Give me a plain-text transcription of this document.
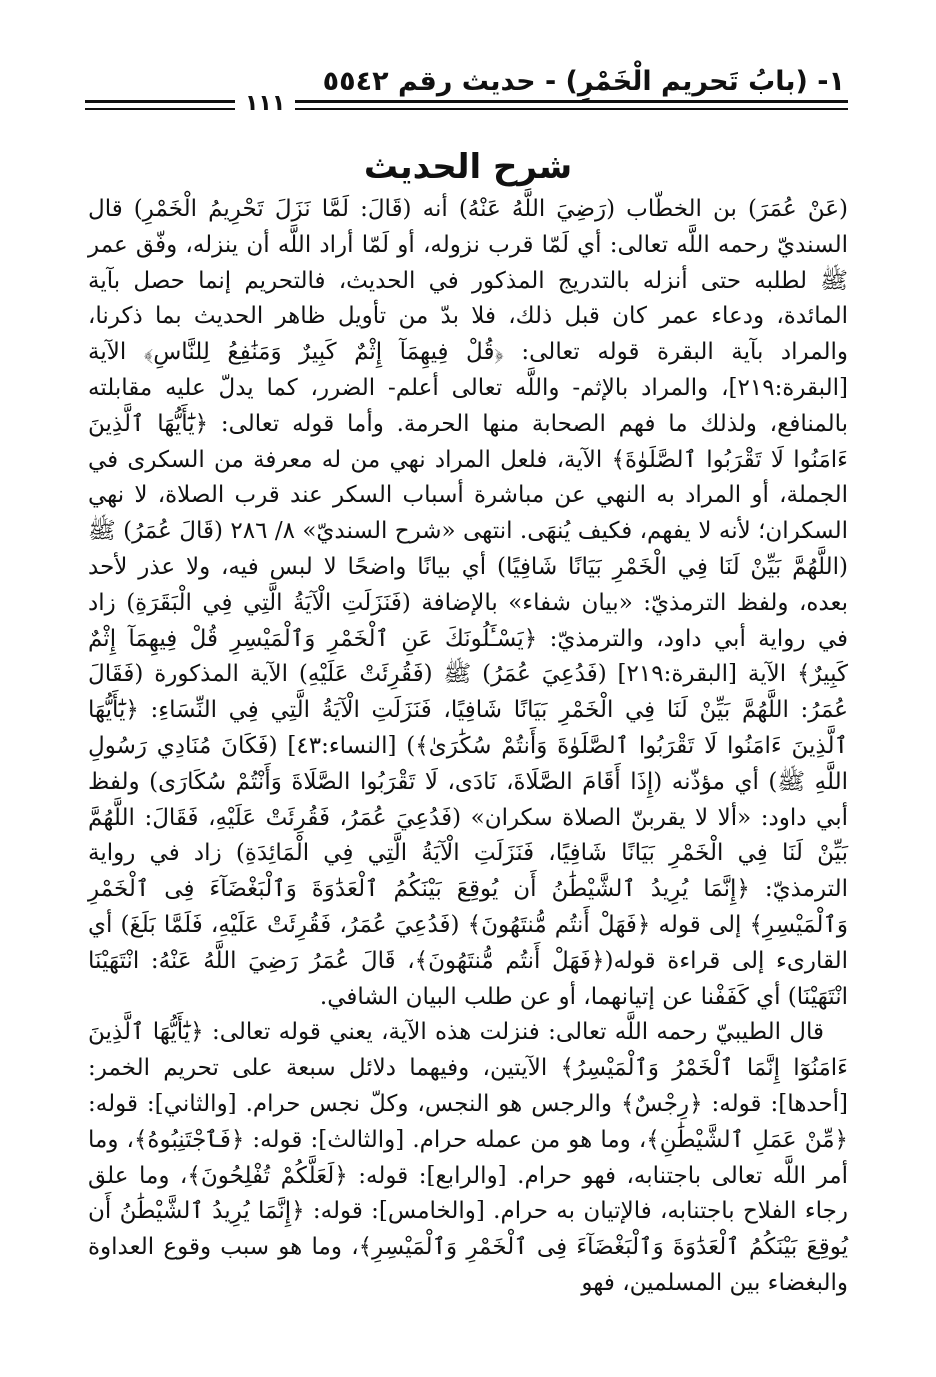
١- (بابُ تَحريم الْخَمْرِ) - حديث رقم ٥٥٤٢
١١١
شرح الحديث

(عَنْ عُمَرَ) بن الخطّاب (رَضِيَ اللَّهُ عَنْهُ) أنه (قَالَ: لَمَّا نَزَلَ تَحْرِيمُ الْخَمْرِ) قال السنديّ رحمه اللَّه تعالى: أي لَمّا قرب نزوله، أو لَمّا أراد اللَّه أن ينزله، وفّق عمر ﷺ لطلبه حتى أنزله بالتدريج المذكور في الحديث، فالتحريم إنما حصل بآية المائدة، ودعاء عمر كان قبل ذلك، فلا بدّ من تأويل ظاهر الحديث بما ذكرنا، والمراد بآية البقرة قوله تعالى: ﴿قُلْ فِيهِمَآ إِثْمٌ كَبِيرٌ وَمَنَٰفِعُ لِلنَّاسِ﴾ الآية [البقرة:٢١٩]، والمراد بالإثم- واللَّه تعالى أعلم- الضرر، كما يدلّ عليه مقابلته بالمنافع، ولذلك ما فهم الصحابة منها الحرمة. وأما قوله تعالى: ﴿يَٰٓأَيُّهَا ٱلَّذِينَ ءَامَنُوا لَا تَقْرَبُوا ٱلصَّلَوٰةَ﴾ الآية، فلعل المراد نهي من له معرفة من السكرى في الجملة، أو المراد به النهي عن مباشرة أسباب السكر عند قرب الصلاة، لا نهي السكران؛ لأنه لا يفهم، فكيف يُنهَى. انتهى «شرح السنديّ» ٨/ ٢٨٦ (قَالَ عُمَرُ) ﷺ (اللَّهُمَّ بَيِّنْ لَنَا فِي الْخَمْرِ بَيَانًا شَافِيًا) أي بيانًا واضحًا لا لبس فيه، ولا عذر لأحد بعده، ولفظ الترمذيّ: «بيان شفاء» بالإضافة (فَنَزَلَتِ الْآيَةُ الَّتِي فِي الْبَقَرَةِ) زاد في رواية أبي داود، والترمذيّ: ﴿يَسْـَٔلُونَكَ عَنِ ٱلْخَمْرِ وَٱلْمَيْسِرِ قُلْ فِيهِمَآ إِثْمٌ كَبِيرٌ﴾ الآية [البقرة:٢١٩] (فَدُعِيَ عُمَرُ) ﷺ (فَقُرِئَتْ عَلَيْهِ) الآية المذكورة (فَقَالَ عُمَرُ: اللَّهُمَّ بَيِّنْ لَنَا فِي الْخَمْرِ بَيَانًا شَافِيًا، فَنَزَلَتِ الْآيَةُ الَّتِي فِي النِّسَاءِ: ﴿يَٰٓأَيُّهَا ٱلَّذِينَ ءَامَنُوا لَا تَقْرَبُوا ٱلصَّلَوٰةَ وَأَنتُمْ سُكَٰرَىٰ﴾) [النساء:٤٣] (فَكَانَ مُنَادِي رَسُولِ اللَّهِ ﷺ) أي مؤذّنه (إِذَا أَقَامَ الصَّلَاةَ، نَادَى، لَا تَقْرَبُوا الصَّلَاةَ وَأَنْتُمْ سُكَارَى) ولفظ أبي داود: «ألا لا يقربنّ الصلاة سكران» (فَدُعِيَ عُمَرُ، فَقُرِئَتْ عَلَيْهِ، فَقَالَ: اللَّهُمَّ بَيِّنْ لَنَا فِي الْخَمْرِ بَيَانًا شَافِيًا، فَنَزَلَتِ الْآيَةُ الَّتِي فِي الْمَائِدَةِ) زاد في رواية الترمذيّ: ﴿إِنَّمَا يُرِيدُ ٱلشَّيْطَٰنُ أَن يُوقِعَ بَيْنَكُمُ ٱلْعَدَٰوَةَ وَٱلْبَغْضَآءَ فِى ٱلْخَمْرِ وَٱلْمَيْسِرِ﴾ إلى قوله ﴿فَهَلْ أَنتُم مُّنتَهُونَ﴾ (فَدُعِيَ عُمَرُ، فَقُرِئَتْ عَلَيْهِ، فَلَمَّا بَلَغَ) أي القارىء إلى قراءة قوله(﴿فَهَلْ أَنتُم مُّنتَهُونَ﴾، قَالَ عُمَرُ رَضِيَ اللَّهُ عَنْهُ: انْتَهَيْنَا انْتَهَيْنَا) أي كَفَفْنا عن إتيانهما، أو عن طلب البيان الشافي.

قال الطيبيّ رحمه اللَّه تعالى: فنزلت هذه الآية، يعني قوله تعالى: ﴿يَٰٓأَيُّهَا ٱلَّذِينَ ءَامَنُوٓا إِنَّمَا ٱلْخَمْرُ وَٱلْمَيْسِرُ﴾ الآيتين، وفيهما دلائل سبعة على تحريم الخمر: [أحدها]: قوله: ﴿رِجْسٌ﴾ والرجس هو النجس، وكلّ نجس حرام. [والثاني]: قوله: ﴿مِّنْ عَمَلِ ٱلشَّيْطَٰنِ﴾، وما هو من عمله حرام. [والثالث]: قوله: ﴿فَٱجْتَنِبُوهُ﴾، وما أمر اللَّه تعالى باجتنابه، فهو حرام. [والرابع]: قوله: ﴿لَعَلَّكُمْ تُفْلِحُونَ﴾، وما علق رجاء الفلاح باجتنابه، فالإتيان به حرام. [والخامس]: قوله: ﴿إِنَّمَا يُرِيدُ ٱلشَّيْطَٰنُ أَن يُوقِعَ بَيْنَكُمُ ٱلْعَدَٰوَةَ وَٱلْبَغْضَآءَ فِى ٱلْخَمْرِ وَٱلْمَيْسِرِ﴾، وما هو سبب وقوع العداوة والبغضاء بين المسلمين، فهو
